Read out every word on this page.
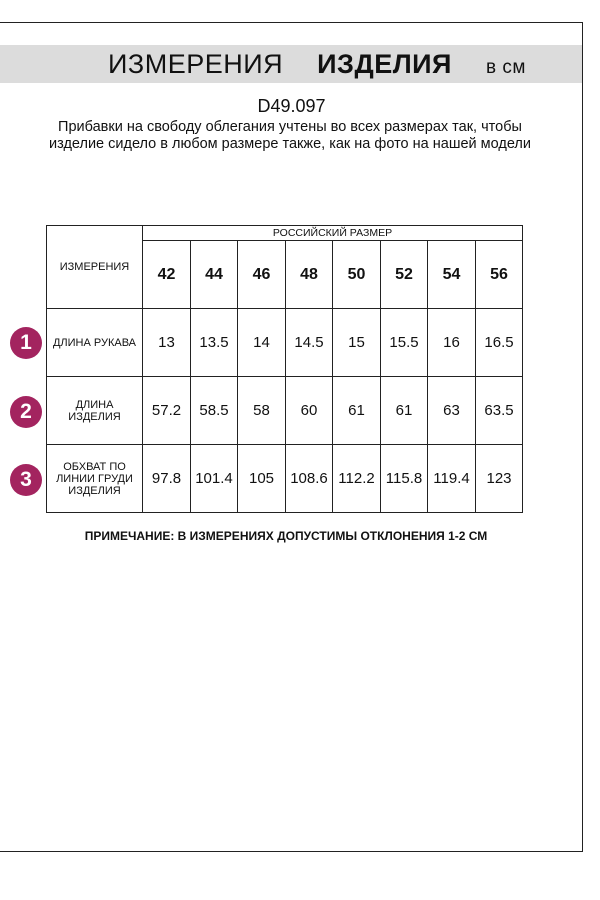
ИЗМЕРЕНИЯ ИЗДЕЛИЯ в см
D49.097
Прибавки на свободу облегания учтены во всех размерах так, чтобы изделие сидело в любом размере также, как на фото на нашей модели
ИЗМЕРЕНИЯ	РОССИЙСКИЙ РАЗМЕР							
	42	44	46	48	50	52	54	56
ДЛИНА РУКАВА	13	13.5	14	14.5	15	15.5	16	16.5
ДЛИНА ИЗДЕЛИЯ	57.2	58.5	58	60	61	61	63	63.5
ОБХВАТ ПО ЛИНИИ ГРУДИ ИЗДЕЛИЯ	97.8	101.4	105	108.6	112.2	115.8	119.4	123
1
2
3
ПРИМЕЧАНИЕ: В ИЗМЕРЕНИЯХ ДОПУСТИМЫ ОТКЛОНЕНИЯ 1-2 СМ
